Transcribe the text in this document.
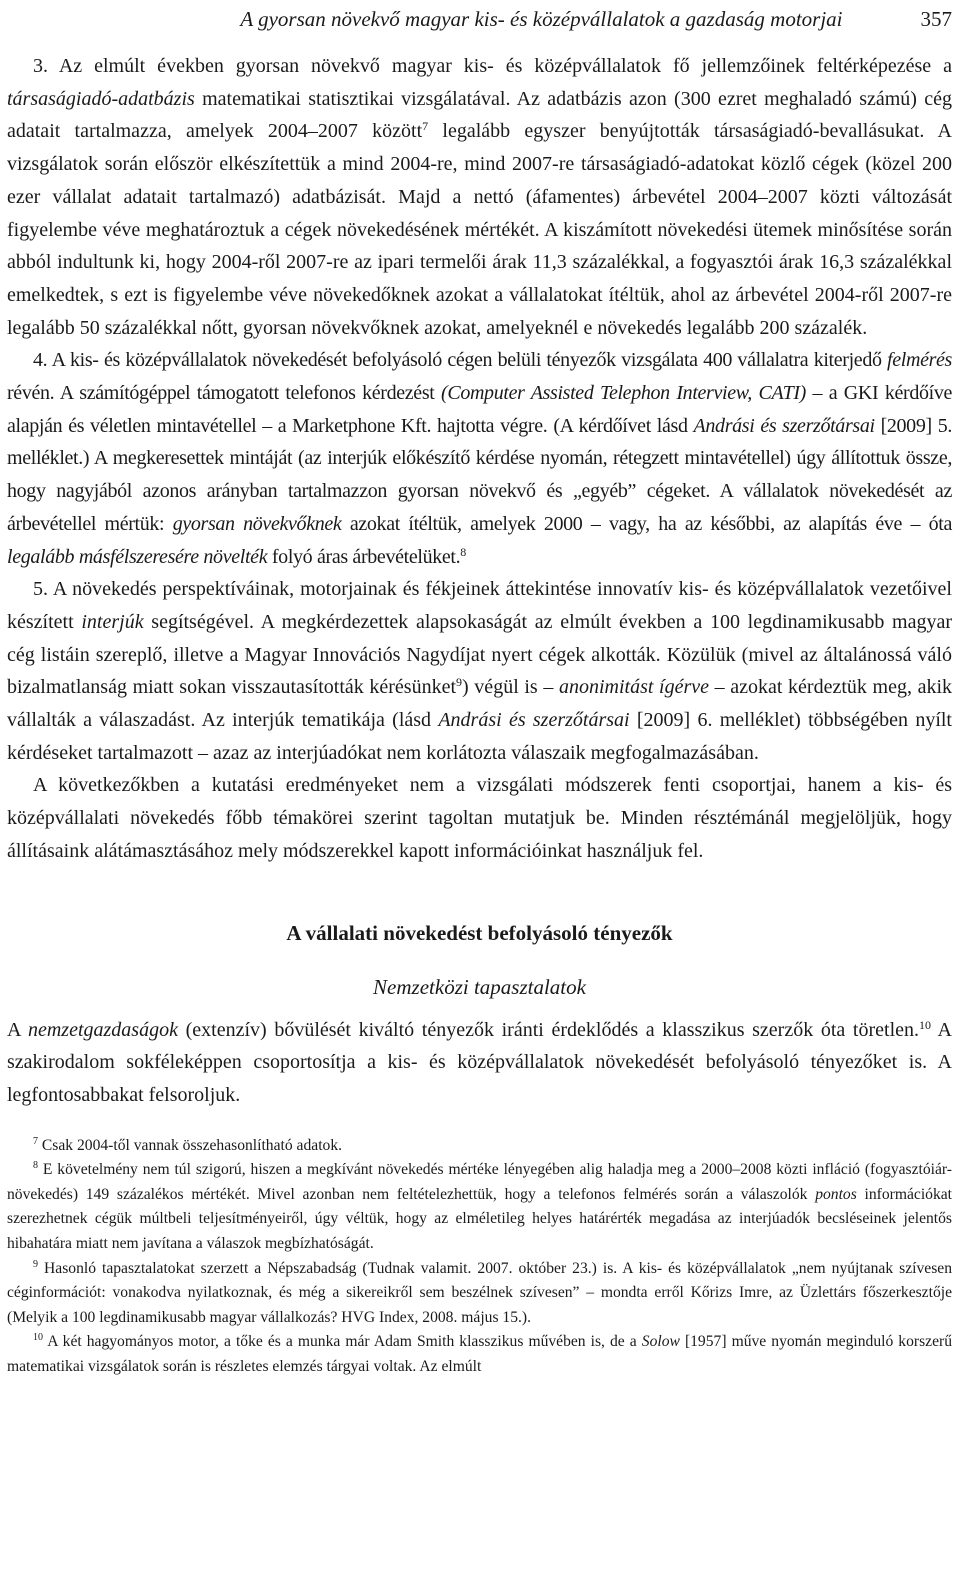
A gyorsan növekvő magyar kis- és középvállalatok a gazdaság motorjai	357

3. Az elmúlt években gyorsan növekvő magyar kis- és középvállalatok fő jellemzőinek feltérképezése a társaságiadó-adatbázis matematikai statisztikai vizsgálatával. Az adatbázis azon (300 ezret meghaladó számú) cég adatait tartalmazza, amelyek 2004–2007 között$^7$ legalább egyszer benyújtották társaságiadó-bevallásukat. A vizsgálatok során először elkészítettük a mind 2004-re, mind 2007-re társaságiadó-adatokat közlő cégek (közel 200 ezer vállalat adatait tartalmazó) adatbázisát. Majd a nettó (áfamentes) árbevétel 2004–2007 közti változását figyelembe véve meghatároztuk a cégek növekedésének mértékét. A kiszámított növekedési ütemek minősítése során abból indultunk ki, hogy 2004-ről 2007-re az ipari termelői árak 11,3 százalékkal, a fogyasztói árak 16,3 százalékkal emelkedtek, s ezt is figyelembe véve növekedőknek azokat a vállalatokat ítéltük, ahol az árbevétel 2004-ről 2007-re legalább 50 százalékkal nőtt, gyorsan növekvőknek azokat, amelyeknél e növekedés legalább 200 százalék.

4. A kis- és középvállalatok növekedését befolyásoló cégen belüli tényezők vizsgálata 400 vállalatra kiterjedő felmérés révén. A számítógéppel támogatott telefonos kérdezést (Computer Assisted Telephon Interview, CATI) – a GKI kérdőíve alapján és véletlen mintavétellel – a Marketphone Kft. hajtotta végre. (A kérdőívet lásd Andrási és szerzőtársai [2009] 5. melléklet.) A megkeresettek mintáját (az interjúk előkészítő kérdése nyomán, rétegzett mintavétellel) úgy állítottuk össze, hogy nagyjából azonos arányban tartalmazzon gyorsan növekvő és „egyéb” cégeket. A vállalatok növekedését az árbevétellel mértük: gyorsan növekvőknek azokat ítéltük, amelyek 2000 – vagy, ha az későbbi, az alapítás éve – óta legalább másfélszeresére növelték folyó áras árbevételüket.$^8$

5. A növekedés perspektíváinak, motorjainak és fékjeinek áttekintése innovatív kis- és középvállalatok vezetőivel készített interjúk segítségével. A megkérdezettek alapsokaságát az elmúlt években a 100 legdinamikusabb magyar cég listáin szereplő, illetve a Magyar Innovációs Nagydíjat nyert cégek alkották. Közülük (mivel az általánossá váló bizalmatlanság miatt sokan visszautasították kérésünket$^9$) végül is – anonimitást ígérve – azokat kérdeztük meg, akik vállalták a válaszadást. Az interjúk tematikája (lásd Andrási és szerzőtársai [2009] 6. melléklet) többségében nyílt kérdéseket tartalmazott – azaz az interjúadókat nem korlátozta válaszaik megfogalmazásában.

A következőkben a kutatási eredményeket nem a vizsgálati módszerek fenti csoportjai, hanem a kis- és középvállalati növekedés főbb témakörei szerint tagoltan mutatjuk be. Minden résztémánál megjelöljük, hogy állításaink alátámasztásához mely módszerekkel kapott információinkat használjuk fel.

A vállalati növekedést befolyásoló tényezők
Nemzetközi tapasztalatok

A nemzetgazdaságok (extenzív) bővülését kiváltó tényezők iránti érdeklődés a klasszikus szerzők óta töretlen.$^{10}$ A szakirodalom sokféleképpen csoportosítja a kis- és középvállalatok növekedését befolyásoló tényezőket is. A legfontosabbakat felsoroljuk.

$^7$ Csak 2004-től vannak összehasonlítható adatok.

$^8$ E követelmény nem túl szigorú, hiszen a megkívánt növekedés mértéke lényegében alig haladja meg a 2000–2008 közti infláció (fogyasztóiár-növekedés) 149 százalékos mértékét. Mivel azonban nem feltételezhettük, hogy a telefonos felmérés során a válaszolók pontos információkat szerezhetnek cégük múltbeli teljesítményeiről, úgy véltük, hogy az elméletileg helyes határérték megadása az interjúadók becsléseinek jelentős hibahatára miatt nem javítana a válaszok megbízhatóságát.

$^9$ Hasonló tapasztalatokat szerzett a Népszabadság (Tudnak valamit. 2007. október 23.) is. A kis- és középvállalatok „nem nyújtanak szívesen céginformációt: vonakodva nyilatkoznak, és még a sikereikről sem beszélnek szívesen” – mondta erről Kőrizs Imre, az Üzlettárs főszerkesztője (Melyik a 100 legdinamikusabb magyar vállalkozás? HVG Index, 2008. május 15.).

$^{10}$ A két hagyományos motor, a tőke és a munka már Adam Smith klasszikus művében is, de a Solow [1957] műve nyomán meginduló korszerű matematikai vizsgálatok során is részletes elemzés tárgyai voltak. Az elmúlt
